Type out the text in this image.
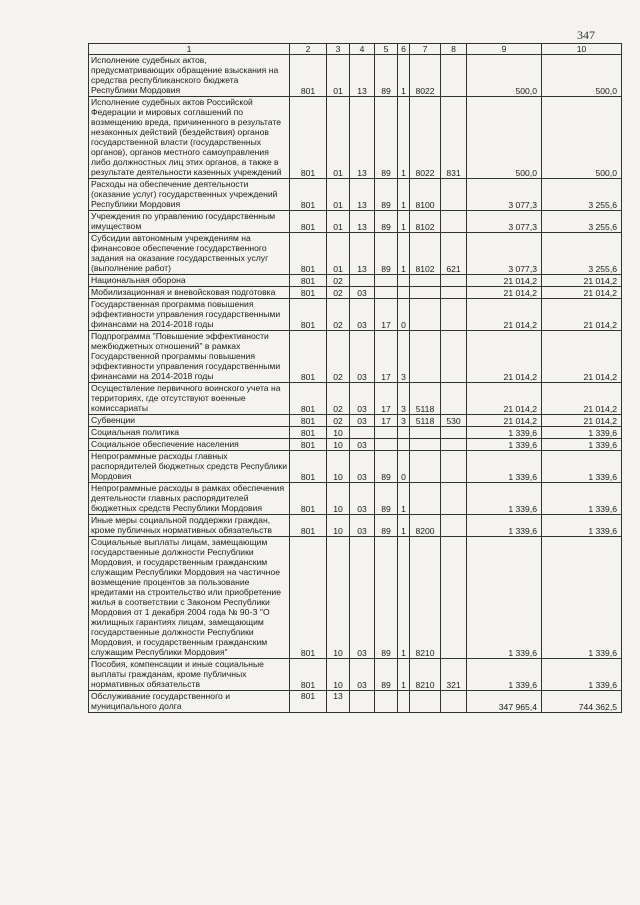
347
1	2	3	4	5	6	7	8	9	10
Исполнение судебных актов, предусматривающих обращение взыскания на средства республиканского бюджета Республики Мордовия	801	01	13	89	1	8022		500,0	500,0
Исполнение судебных актов Российской Федерации и мировых соглашений по возмещению вреда, причиненного в результате незаконных действий (бездействия) органов государственной власти (государственных органов), органов местного самоуправления либо должностных лиц этих органов, а также в результате деятельности казенных учреждений	801	01	13	89	1	8022	831	500,0	500,0
Расходы на обеспечение деятельности (оказание услуг) государственных учреждений Республики Мордовия	801	01	13	89	1	8100		3 077,3	3 255,6
Учреждения по управлению государственным имуществом	801	01	13	89	1	8102		3 077,3	3 255,6
Субсидии автономным учреждениям на финансовое обеспечение государственного задания на оказание государственных услуг (выполнение работ)	801	01	13	89	1	8102	621	3 077,3	3 255,6
Национальная оборона	801	02						21 014,2	21 014,2
Мобилизационная и вневойсковая подготовка	801	02	03					21 014,2	21 014,2
Государственная программа повышения эффективности управления государственными финансами на 2014-2018 годы	801	02	03	17	0			21 014,2	21 014,2
Подпрограмма "Повышение эффективности межбюджетных отношений" в рамках Государственной программы повышения эффективности управления государственными финансами на 2014-2018 годы	801	02	03	17	3			21 014,2	21 014,2
Осуществление первичного воинского учета на территориях, где отсутствуют военные комиссариаты	801	02	03	17	3	5118		21 014,2	21 014,2
Субвенции	801	02	03	17	3	5118	530	21 014,2	21 014,2
Социальная политика	801	10						1 339,6	1 339,6
Социальное обеспечение населения	801	10	03					1 339,6	1 339,6
Непрограммные расходы главных распорядителей бюджетных средств Республики Мордовия	801	10	03	89	0			1 339,6	1 339,6
Непрограммные расходы в рамках обеспечения деятельности главных распорядителей бюджетных средств Республики Мордовия	801	10	03	89	1			1 339,6	1 339,6
Иные меры социальной поддержки граждан, кроме публичных нормативных обязательств	801	10	03	89	1	8200		1 339,6	1 339,6
Социальные выплаты лицам, замещающим государственные должности Республики Мордовия, и государственным гражданским служащим Республики Мордовия на частичное возмещение процентов за пользование кредитами на строительство или приобретение жилья в соответствии с Законом Республики Мордовия от 1 декабря 2004 года № 90-З "О жилищных гарантиях лицам, замещающим государственные должности Республики Мордовия, и государственным гражданским служащим Республики Мордовия"	801	10	03	89	1	8210		1 339,6	1 339,6
Пособия, компенсации и иные социальные выплаты гражданам, кроме публичных нормативных обязательств	801	10	03	89	1	8210	321	1 339,6	1 339,6
Обслуживание государственного и муниципального долга	801	13						347 965,4	744 362,5
